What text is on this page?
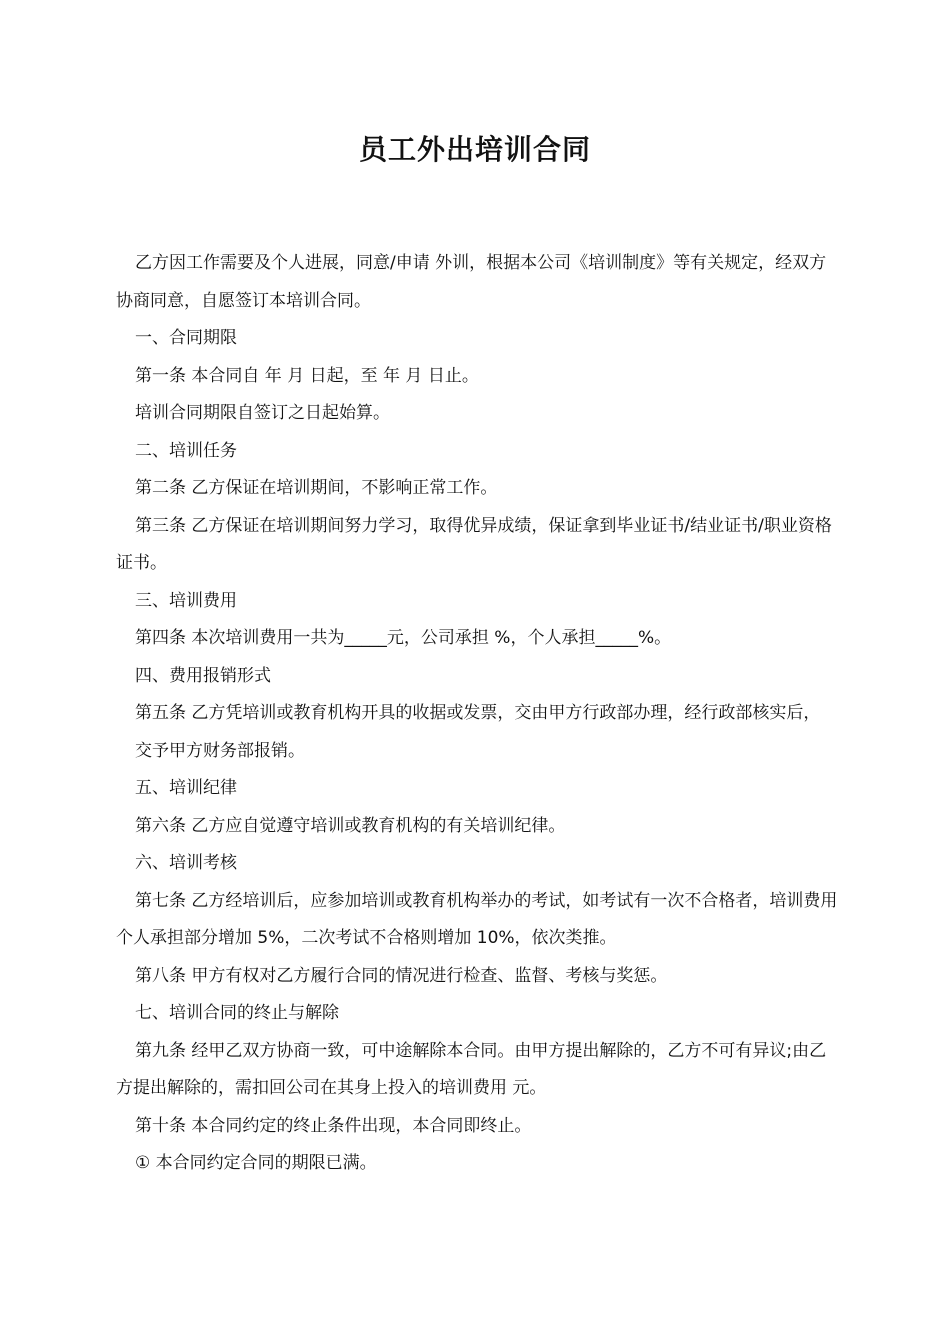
员工外出培训合同

乙方因工作需要及个人进展，同意/申请 外训，根据本公司《培训制度》等有关规定，经双方协商同意，自愿签订本培训合同。

一、合同期限

第一条 本合同自 年 月 日起，至 年 月 日止。

培训合同期限自签订之日起始算。

二、培训任务

第二条 乙方保证在培训期间，不影响正常工作。

第三条 乙方保证在培训期间努力学习，取得优异成绩，保证拿到毕业证书/结业证书/职业资格证书。

三、培训费用

第四条 本次培训费用一共为_____元，公司承担 %，个人承担_____%。

四、费用报销形式

第五条 乙方凭培训或教育机构开具的收据或发票，交由甲方行政部办理，经行政部核实后，

交予甲方财务部报销。

五、培训纪律

第六条 乙方应自觉遵守培训或教育机构的有关培训纪律。

六、培训考核

第七条 乙方经培训后，应参加培训或教育机构举办的考试，如考试有一次不合格者，培训费用个人承担部分增加 5%，二次考试不合格则增加 10%，依次类推。

第八条 甲方有权对乙方履行合同的情况进行检查、监督、考核与奖惩。

七、培训合同的终止与解除

第九条 经甲乙双方协商一致，可中途解除本合同。由甲方提出解除的，乙方不可有异议;由乙方提出解除的，需扣回公司在其身上投入的培训费用 元。

第十条 本合同约定的终止条件出现，本合同即终止。

① 本合同约定合同的期限已满。
